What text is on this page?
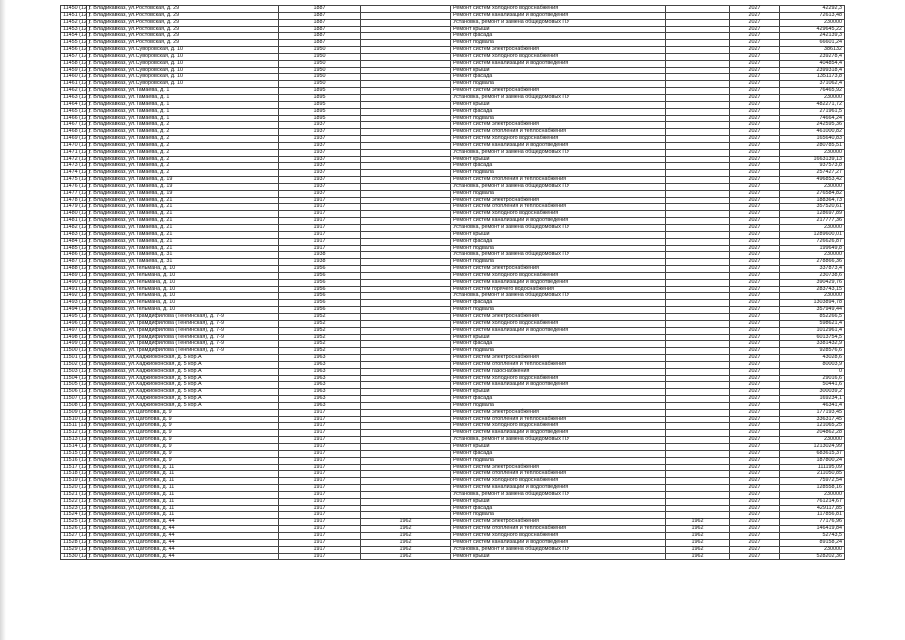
11450 (12 )	г. Владикавказ, ул.Ростовская, д. 29	1887		Ремонт систем холодного водоснабжения		2027	42292,3
11451 (12 )	г. Владикавказ, ул.Ростовская, д. 29	1887		Ремонт систем канализации и водоотведения		2027	72613,48
11452 (12 )	г. Владикавказ, ул.Ростовская, д. 29	1887		Установка, ремонт и замена общедомовых ПУ		2027	230000
11453 (12 )	г. Владикавказ, ул.Ростовская, д. 29	1887		Ремонт крыши		2027	429645,22
11454 (12 )	г. Владикавказ, ул.Ростовская, д. 29	1887		Ремонт фасада		2027	242139,3
11455 (12 )	г. Владикавказ, ул.Ростовская, д. 29	1887		Ремонт подвала		2027	66601,24
11456 (12 )	г. Владикавказ, ул.Суворовская, д. 10	1950		Ремонт систем электроснабжения		2027	386132
11457 (12 )	г. Владикавказ, ул.Суворовская, д. 10	1950		Ремонт систем холодного водоснабжения		2027	239278,4
11458 (12 )	г. Владикавказ, ул.Суворовская, д. 10	1950		Ремонт систем канализации и водоотведения		2027	404854,4
11459 (12 )	г. Владикавказ, ул.Суворовская, д. 10	1950		Ремонт крыши		2027	2399318,4
11460 (12 )	г. Владикавказ, ул.Суворовская, д. 10	1950		Ремонт фасада		2027	1351173,8
11461 (12 )	г. Владикавказ, ул.Суворовская, д. 10	1950		Ремонт подвала		2027	371062,4
11462 (12 )	г. Владикавказ, ул.Тамаева, д. 1	1895		Ремонт систем электроснабжения		2027	76465,92
11463 (12 )	г. Владикавказ, ул.Тамаева, д. 1	1895		Установка, ремонт и замена общедомовых ПУ		2027	230000
11464 (12 )	г. Владикавказ, ул.Тамаева, д. 1	1895		Ремонт крыши		2027	482271,72
11465 (12 )	г. Владикавказ, ул.Тамаева, д. 1	1895		Ремонт фасада		2027	271961,5
11466 (12 )	г. Владикавказ, ул.Тамаева, д. 1	1895		Ремонт подвала		2027	74664,24
11467 (12 )	г. Владикавказ, ул.Тамаева, д. 2	1937		Ремонт систем электроснабжения		2027	242595,36
11468 (12 )	г. Владикавказ, ул.Тамаева, д. 2	1937		Ремонт систем отопления и теплоснабжения		2027	461000,82
11469 (12 )	г. Владикавказ, ул.Тамаева, д. 2	1937		Ремонт систем холодного водоснабжения		2027	165640,83
11470 (12 )	г. Владикавказ, ул.Тамаева, д. 2	1937		Ремонт систем канализации и водоотведения		2027	280785,51
11471 (12 )	г. Владикавказ, ул.Тамаева, д. 2	1937		Установка, ремонт и замена общедомовых ПУ		2027	230000
11472 (12 )	г. Владикавказ, ул.Тамаева, д. 2	1937		Ремонт крыши		2027	1663139,13
11473 (12 )	г. Владикавказ, ул.Тамаева, д. 2	1937		Ремонт фасада		2027	937573,8
11474 (12 )	г. Владикавказ, ул.Тамаева, д. 2	1937		Ремонт подвала		2027	257427,27
11475 (12 )	г. Владикавказ, ул.Тамаева, д. 19	1937		Ремонт систем отопления и теплоснабжения		2027	496853,42
11476 (12 )	г. Владикавказ, ул.Тамаева, д. 19	1937		Установка, ремонт и замена общедомовых ПУ		2027	230000
11477 (12 )	г. Владикавказ, ул.Тамаева, д. 19	1937		Ремонт подвала		2027	276584,82
11478 (12 )	г. Владикавказ, ул.Тамаева, д. 21	1917		Ремонт систем электроснабжения		2027	188364,73
11479 (12 )	г. Владикавказ, ул.Тамаева, д. 21	1917		Ремонт систем отопления и теплоснабжения		2027	357520,61
11480 (12 )	г. Владикавказ, ул.Тамаева, д. 21	1917		Ремонт систем холодного водоснабжения		2027	128697,89
11481 (12 )	г. Владикавказ, ул.Тамаева, д. 21	1917		Ремонт систем канализации и водоотведения		2027	217777,36
11482 (12 )	г. Владикавказ, ул.Тамаева, д. 21	1917		Установка, ремонт и замена общедомовых ПУ		2027	230000
11483 (12 )	г. Владикавказ, ул.Тамаева, д. 21	1917		Ремонт крыши		2027	1289600,01
11484 (12 )	г. Владикавказ, ул.Тамаева, д. 21	1917		Ремонт фасада		2027	726626,87
11485 (12 )	г. Владикавказ, ул.Тамаева, д. 21	1917		Ремонт подвала		2027	199649,8
11486 (12 )	г. Владикавказ, ул.Тамаева, д. 31	1938		Установка, ремонт и замена общедомовых ПУ		2027	230000
11487 (12 )	г. Владикавказ, ул.Тамаева, д. 31	1938		Ремонт подвала		2027	278866,36
11488 (12 )	г. Владикавказ, ул.Тельмана, д. 10	1956		Ремонт систем электроснабжения		2027	337873,4
11489 (12 )	г. Владикавказ, ул.Тельмана, д. 10	1956		Ремонт систем холодного водоснабжения		2027	230738,6
11490 (12 )	г. Владикавказ, ул.Тельмана, д. 10	1956		Ремонт систем канализации и водоотведения		2027	390429,76
11491 (12 )	г. Владикавказ, ул.Тельмана, д. 10	1956		Ремонт систем горячего водоснабжения		2027	283743,15
11492 (12 )	г. Владикавказ, ул.Тельмана, д. 10	1956		Установка, ремонт и замена общедомовых ПУ		2027	230000
11493 (12 )	г. Владикавказ, ул.Тельмана, д. 10	1956		Ремонт фасада		2027	1303894,78
11494 (12 )	г. Владикавказ, ул.Тельмана, д. 10	1956		Ремонт подвала		2027	357949,44
11495 (12 )	г. Владикавказ, ул.Трамдифилова (Тенгинская), д. 7-9	1952		Ремонт систем электроснабжения		2027	852266,5
11496 (12 )	г. Владикавказ, ул.Трамдифилова (Тенгинская), д. 7-9	1952		Ремонт систем холодного водоснабжения		2027	598621,4
11497 (12 )	г. Владикавказ, ул.Трамдифилова (Тенгинская), д. 7-9	1952		Ремонт систем канализации и водоотведения		2027	1012961,4
11498 (12 )	г. Владикавказ, ул.Трамдифилова (Тенгинская), д. 7-9	1952		Ремонт крыши		2027	6013754,5
11499 (12 )	г. Владикавказ, ул.Трамдифилова (Тенгинская), д. 7-9	1952		Ремонт фасада		2027	3381432,9
11500 (12 )	г. Владикавказ, ул.Трамдифилова (Тенгинская), д. 7-9	1952		Ремонт подвала		2027	928576,6
11501 (12 )	г. Владикавказ, ул.Хаджиоконская, д. 5 кор.А	1963		Ремонт систем электроснабжения		2027	43028,6
11502 (12 )	г. Владикавказ, ул.Хаджиоконская, д. 5 кор.А	1963		Ремонт систем отопления и теплоснабжения		2027	80003,9
11503 (12 )	г. Владикавказ, ул.Хаджиоконская, д. 5 кор.А	1963		Ремонт систем газоснабжения		2027	0
11504 (12 )	г. Владикавказ, ул.Хаджиоконская, д. 5 кор.А	1963		Ремонт систем холодного водоснабжения		2027	29016,6
11505 (12 )	г. Владикавказ, ул.Хаджиоконская, д. 5 кор.А	1963		Ремонт систем канализации и водоотведения		2027	50441,6
11506 (12 )	г. Владикавказ, ул.Хаджиоконская, д. 5 кор.А	1963		Ремонт крыши		2027	300039,2
11507 (12 )	г. Владикавказ, ул.Хаджиоконская, д. 5 кор.А	1963		Ремонт фасада		2027	169234,1
11508 (12 )	г. Владикавказ, ул.Хаджиоконская, д. 5 кор.А	1963		Ремонт подвала		2027	46341,4
11509 (12 )	г. Владикавказ, ул.Цаголова, д. 9	1917		Ремонт систем электроснабжения		2027	177193,45
11510 (12 )	г. Владикавказ, ул.Цаголова, д. 9	1917		Ремонт систем отопления и теплоснабжения		2027	336317,45
11511 (12 )	г. Владикавказ, ул.Цаголова, д. 9	1917		Ремонт систем холодного водоснабжения		2027	121065,25
11512 (12 )	г. Владикавказ, ул.Цаголова, д. 9	1917		Ремонт систем канализации и водоотведения		2027	204862,28
11513 (12 )	г. Владикавказ, ул.Цаголова, д. 9	1917		Установка, ремонт и замена общедомовых ПУ		2027	230000
11514 (12 )	г. Владикавказ, ул.Цаголова, д. 9	1917		Ремонт крыши		2027	1213024,99
11515 (12 )	г. Владикавказ, ул.Цаголова, д. 9	1917		Ремонт фасада		2027	683615,37
11516 (12 )	г. Владикавказ, ул.Цаголова, д. 9	1917		Ремонт подвала		2027	187800,24
11517 (12 )	г. Владикавказ, ул.Цаголова, д. 11	1917		Ремонт систем электроснабжения		2027	111195,09
11518 (12 )	г. Владикавказ, ул.Цаголова, д. 11	1917		Ремонт систем отопления и теплоснабжения		2027	211050,85
11519 (12 )	г. Владикавказ, ул.Цаголова, д. 11	1917		Ремонт систем холодного водоснабжения		2027	75972,54
11520 (12 )	г. Владикавказ, ул.Цаголова, д. 11	1917		Ремонт систем канализации и водоотведения		2027	128558,16
11521 (12 )	г. Владикавказ, ул.Цаголова, д. 11	1917		Установка, ремонт и замена общедомовых ПУ		2027	230000
11522 (12 )	г. Владикавказ, ул.Цаголова, д. 11	1917		Ремонт крыши		2027	761214,67
11523 (12 )	г. Владикавказ, ул.Цаголова, д. 11	1917		Ремонт фасада		2027	429117,85
11524 (12 )	г. Владикавказ, ул.Цаголова, д. 11	1917		Ремонт подвала		2027	117856,81
11525 (12 )	г. Владикавказ, ул.Цаголова, д. 44	1917	1962	Ремонт систем электроснабжения	1962	2027	77176,96
11526 (12 )	г. Владикавказ, ул.Цаголова, д. 44	1917	1962	Ремонт систем отопления и теплоснабжения	1962	2027	146419,84
11527 (12 )	г. Владикавказ, ул.Цаголова, д. 44	1917	1962	Ремонт систем холодного водоснабжения	1962	2027	52743,5
11528 (12 )	г. Владикавказ, ул.Цаголова, д. 44	1917	1962	Ремонт систем канализации и водоотведения	1962	2027	89158,24
11529 (12 )	г. Владикавказ, ул.Цаголова, д. 44	1917	1962	Установка, ремонт и замена общедомовых ПУ	1962	2027	230000
11530 (12 )	г. Владикавказ, ул.Цаголова, д. 44	1917	1962	Ремонт крыши	1962	2027	528202,36
